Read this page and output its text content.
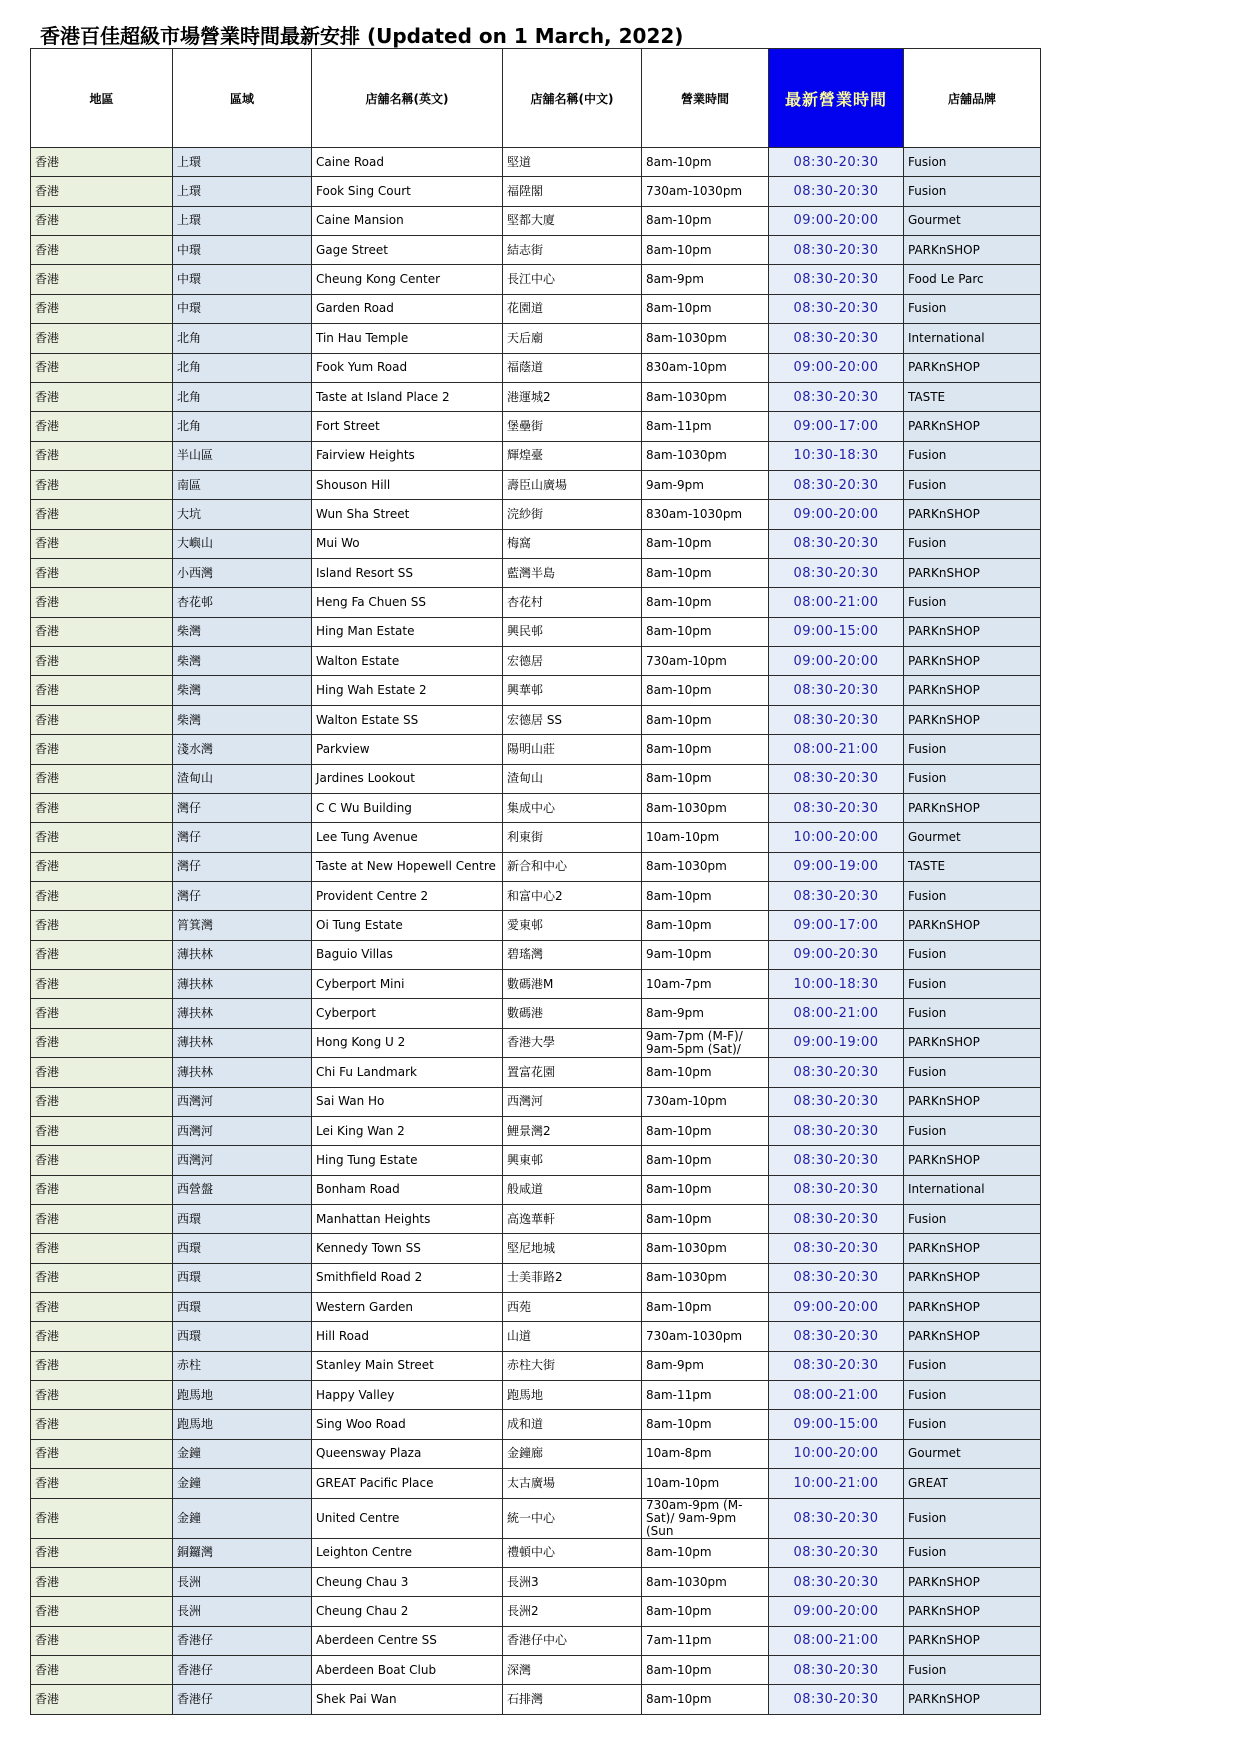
香港百佳超級市場營業時間最新安排 (Updated on 1 March, 2022)
地區	區域	店舖名稱(英文)	店舖名稱(中文)	營業時間	最新營業時間	店舖品牌
香港	上環	Caine Road	堅道	8am-10pm	08:30-20:30	Fusion
香港	上環	Fook Sing Court	福陞閣	730am-1030pm	08:30-20:30	Fusion
香港	上環	Caine Mansion	堅都大廈	8am-10pm	09:00-20:00	Gourmet
香港	中環	Gage Street	結志街	8am-10pm	08:30-20:30	PARKnSHOP
香港	中環	Cheung Kong Center	長江中心	8am-9pm	08:30-20:30	Food Le Parc
香港	中環	Garden Road	花園道	8am-10pm	08:30-20:30	Fusion
香港	北角	Tin Hau Temple	天后廟	8am-1030pm	08:30-20:30	International
香港	北角	Fook Yum Road	福蔭道	830am-10pm	09:00-20:00	PARKnSHOP
香港	北角	Taste at Island Place 2	港運城2	8am-1030pm	08:30-20:30	TASTE
香港	北角	Fort Street	堡壘街	8am-11pm	09:00-17:00	PARKnSHOP
香港	半山區	Fairview Heights	輝煌臺	8am-1030pm	10:30-18:30	Fusion
香港	南區	Shouson Hill	壽臣山廣場	9am-9pm	08:30-20:30	Fusion
香港	大坑	Wun Sha Street	浣紗街	830am-1030pm	09:00-20:00	PARKnSHOP
香港	大嶼山	Mui Wo	梅窩	8am-10pm	08:30-20:30	Fusion
香港	小西灣	Island Resort SS	藍灣半島	8am-10pm	08:30-20:30	PARKnSHOP
香港	杏花邨	Heng Fa Chuen SS	杏花村	8am-10pm	08:00-21:00	Fusion
香港	柴灣	Hing Man Estate	興民邨	8am-10pm	09:00-15:00	PARKnSHOP
香港	柴灣	Walton Estate	宏德居	730am-10pm	09:00-20:00	PARKnSHOP
香港	柴灣	Hing Wah Estate 2	興華邨	8am-10pm	08:30-20:30	PARKnSHOP
香港	柴灣	Walton Estate SS	宏德居 SS	8am-10pm	08:30-20:30	PARKnSHOP
香港	淺水灣	Parkview	陽明山莊	8am-10pm	08:00-21:00	Fusion
香港	渣甸山	Jardines Lookout	渣甸山	8am-10pm	08:30-20:30	Fusion
香港	灣仔	C C Wu Building	集成中心	8am-1030pm	08:30-20:30	PARKnSHOP
香港	灣仔	Lee Tung Avenue	利東街	10am-10pm	10:00-20:00	Gourmet
香港	灣仔	Taste at New Hopewell Centre	新合和中心	8am-1030pm	09:00-19:00	TASTE
香港	灣仔	Provident Centre 2	和富中心2	8am-10pm	08:30-20:30	Fusion
香港	筲箕灣	Oi Tung Estate	愛東邨	8am-10pm	09:00-17:00	PARKnSHOP
香港	薄扶林	Baguio Villas	碧瑤灣	9am-10pm	09:00-20:30	Fusion
香港	薄扶林	Cyberport Mini	數碼港M	10am-7pm	10:00-18:30	Fusion
香港	薄扶林	Cyberport	數碼港	8am-9pm	08:00-21:00	Fusion
香港	薄扶林	Hong Kong U 2	香港大學	9am-7pm (M-F)/ 9am-5pm (Sat)/	09:00-19:00	PARKnSHOP
香港	薄扶林	Chi Fu Landmark	置富花園	8am-10pm	08:30-20:30	Fusion
香港	西灣河	Sai Wan Ho	西灣河	730am-10pm	08:30-20:30	PARKnSHOP
香港	西灣河	Lei King Wan 2	鯉景灣2	8am-10pm	08:30-20:30	Fusion
香港	西灣河	Hing Tung Estate	興東邨	8am-10pm	08:30-20:30	PARKnSHOP
香港	西營盤	Bonham Road	般咸道	8am-10pm	08:30-20:30	International
香港	西環	Manhattan Heights	高逸華軒	8am-10pm	08:30-20:30	Fusion
香港	西環	Kennedy Town SS	堅尼地城	8am-1030pm	08:30-20:30	PARKnSHOP
香港	西環	Smithfield Road 2	士美菲路2	8am-1030pm	08:30-20:30	PARKnSHOP
香港	西環	Western Garden	西苑	8am-10pm	09:00-20:00	PARKnSHOP
香港	西環	Hill Road	山道	730am-1030pm	08:30-20:30	PARKnSHOP
香港	赤柱	Stanley Main Street	赤柱大街	8am-9pm	08:30-20:30	Fusion
香港	跑馬地	Happy Valley	跑馬地	8am-11pm	08:00-21:00	Fusion
香港	跑馬地	Sing Woo Road	成和道	8am-10pm	09:00-15:00	Fusion
香港	金鐘	Queensway Plaza	金鐘廊	10am-8pm	10:00-20:00	Gourmet
香港	金鐘	GREAT Pacific Place	太古廣場	10am-10pm	10:00-21:00	GREAT
香港	金鐘	United Centre	統一中心	730am-9pm (M-Sat)/ 9am-9pm (Sun	08:30-20:30	Fusion
香港	銅鑼灣	Leighton Centre	禮頓中心	8am-10pm	08:30-20:30	Fusion
香港	長洲	Cheung Chau 3	長洲3	8am-1030pm	08:30-20:30	PARKnSHOP
香港	長洲	Cheung Chau 2	長洲2	8am-10pm	09:00-20:00	PARKnSHOP
香港	香港仔	Aberdeen Centre SS	香港仔中心	7am-11pm	08:00-21:00	PARKnSHOP
香港	香港仔	Aberdeen Boat Club	深灣	8am-10pm	08:30-20:30	Fusion
香港	香港仔	Shek Pai Wan	石排灣	8am-10pm	08:30-20:30	PARKnSHOP
